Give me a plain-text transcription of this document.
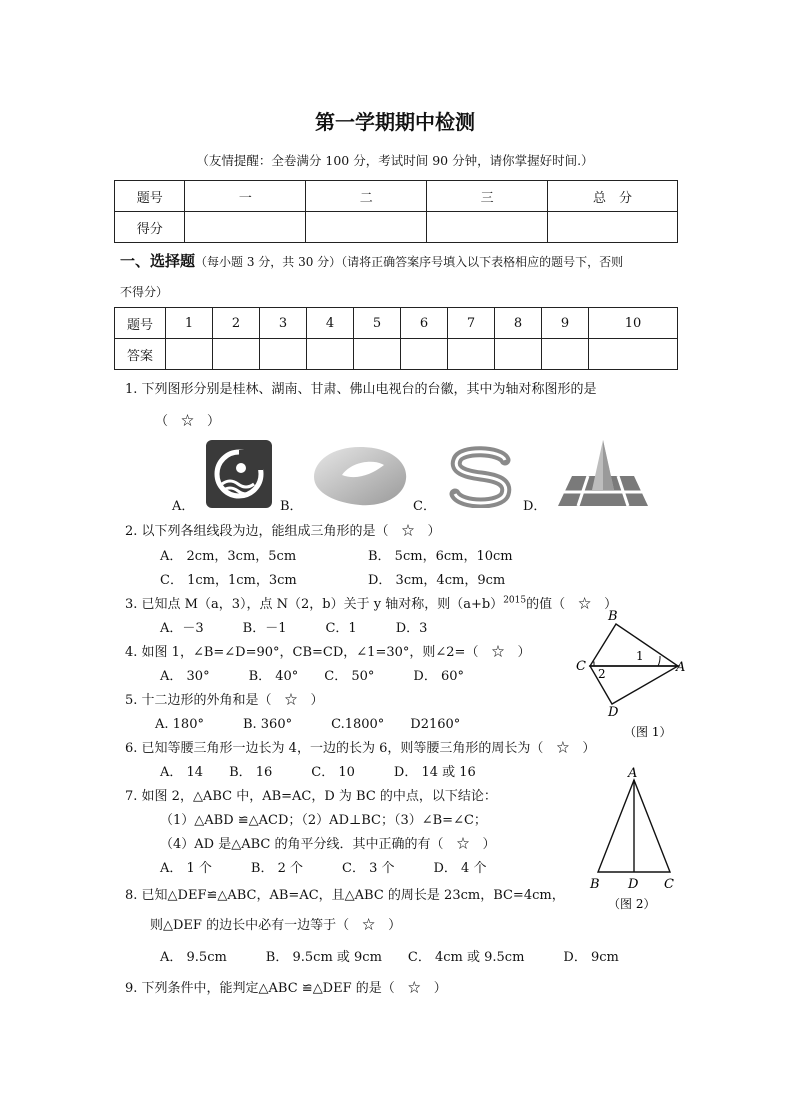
第一学期期中检测
（友情提醒：全卷满分 100 分，考试时间 90 分钟，请你掌握好时间.）
题号	一	二	三	总　分
得分				
一、选择题（每小题 3 分，共 30 分）（请将正确答案序号填入以下表格相应的题号下，否则
不得分）
题号	1	2	3	4	5	6	7	8	9	10
答案										
1. 下列图形分别是桂林、湖南、甘肃、佛山电视台的台徽，其中为轴对称图形的是
（　☆　）
A．	B．	C．	D．
2. 以下列各组线段为边，能组成三角形的是（　☆　）
A． 2cm，3cm，5cm	B． 5cm，6cm，10cm
C． 1cm，1cm，3cm	D． 3cm，4cm，9cm
3. 已知点 M（a，3），点 N（2，b）关于 y 轴对称，则$(a+b)^{2015}$的值（　☆　）
A．－3　　　B．－1　　　C．1　　　D．3
4. 如图 1，∠B=∠D=90°，CB=CD，∠1=30°，则∠2=（　☆　）
A． 30°　　　B． 40°　　C． 50°　　　D． 60°
B
C	A
D
1
2
（图 1）
5. 十二边形的外角和是（　☆　）
A. 180°　　　B. 360°　　　C.1800°　　D2160°
6. 已知等腰三角形一边长为 4，一边的长为 6，则等腰三角形的周长为（　☆　）
A． 14　　B． 16　　　C． 10　　　D． 14 或 16
7. 如图 2，△ABC 中，AB=AC，D 为 BC 的中点，以下结论：
（1）△ABD ≌△ACD；（2）AD⊥BC；（3）∠B=∠C；
（4）AD 是△ABC 的角平分线．其中正确的有（　☆　）
A． 1 个　　　B． 2 个　　　C． 3 个　　　D． 4 个
A
B D C
（图 2）
8. 已知△DEF≌△ABC，AB=AC，且△ABC 的周长是 23cm，BC=4cm，
则△DEF 的边长中必有一边等于（　☆　）
A． 9.5cm　　　B． 9.5cm 或 9cm　　C． 4cm 或 9.5cm　　　D． 9cm
9. 下列条件中，能判定△ABC ≌△DEF 的是（　☆　）
